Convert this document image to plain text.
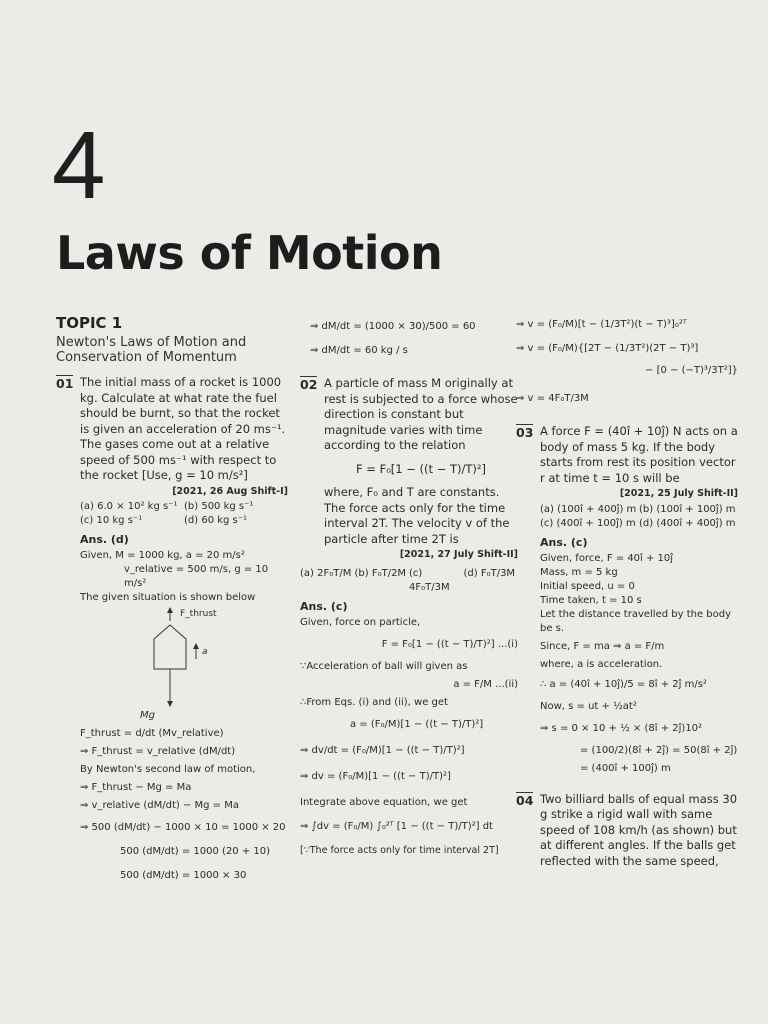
4
Laws of Motion
TOPIC 1
Newton's Laws of Motion and Conservation of Momentum
01 The initial mass of a rocket is 1000 kg. Calculate at what rate the fuel should be burnt, so that the rocket is given an acceleration of 20 ms⁻¹. The gases come out at a relative speed of 500 ms⁻¹ with respect to the rocket [Use, g = 10 m/s²]
[2021, 26 Aug Shift-I]
(a) 6.0 × 10² kg s⁻¹ (b) 500 kg s⁻¹
(c) 10 kg s⁻¹	(d) 60 kg s⁻¹
Ans. (d)
Given, M = 1000 kg, a = 20 m/s²
v_relative = 500 m/s, g = 10 m/s²
The given situation is shown below
F_thrust
a
Mg
F_thrust = d/dt (Mv_relative)
⇒ F_thrust = v_relative (dM/dt)
By Newton's second law of motion,
⇒ F_thrust − Mg = Ma
⇒ v_relative (dM/dt) − Mg = Ma
⇒ 500 (dM/dt) − 1000 × 10 = 1000 × 20
500 (dM/dt) = 1000 (20 + 10)
500 (dM/dt) = 1000 × 30
⇒ dM/dt = (1000 × 30)/500 = 60
⇒ dM/dt = 60 kg / s
02 A particle of mass M originally at rest is subjected to a force whose direction is constant but magnitude varies with time according to the relation
F = F₀[1 − ((t − T)/T)²]
where, F₀ and T are constants. The force acts only for the time interval 2T. The velocity v of the particle after time 2T is
[2021, 27 July Shift-II]
(a) 2F₀T/M (b) F₀T/2M (c) 4F₀T/3M
(d) F₀T/3M
Ans. (c)
Given, force on particle,
F = F₀[1 − ((t − T)/T)²] ...(i)
∵Acceleration of ball will given as
a = F/M ...(ii)
∴From Eqs. (i) and (ii), we get
a = (F₀/M)[1 − ((t − T)/T)²]
⇒ dv/dt = (F₀/M)[1 − ((t − T)/T)²]
⇒ dv = (F₀/M)[1 − ((t − T)/T)²]
Integrate above equation, we get
⇒ ∫dv = (F₀/M) ∫₀²ᵀ [1 − ((t − T)/T)²] dt
[∵The force acts only for time interval 2T]
⇒ v = (F₀/M)[t − (1/3T²)(t − T)³]₀²ᵀ
⇒ v = (F₀/M){[2T − (1/3T²)(2T − T)³]
− [0 − (−T)³/3T²]}
⇒ v = 4F₀T/3M
03 A force F = (40î + 10ĵ) N acts on a body of mass 5 kg. If the body starts from rest its position vector r at time t = 10 s will be
[2021, 25 July Shift-II]
(a) (100î + 400ĵ) m (b) (100î + 100ĵ) m
(c) (400î + 100ĵ) m (d) (400î + 400ĵ) m
Ans. (c)
Given, force, F = 40î + 10ĵ
Mass, m = 5 kg
Initial speed, u = 0
Time taken, t = 10 s
Let the distance travelled by the body be s.
Since, F = ma ⇒ a = F/m
where, a is acceleration.
∴ a = (40î + 10ĵ)/5 = 8î + 2ĵ m/s²
Now, s = ut + ½at²
⇒ s = 0 × 10 + ½ × (8î + 2ĵ)10²
= (100/2)(8î + 2ĵ) = 50(8î + 2ĵ)
= (400î + 100ĵ) m
04 Two billiard balls of equal mass 30 g strike a rigid wall with same speed of 108 km/h (as shown) but at different angles. If the balls get reflected with the same speed,
